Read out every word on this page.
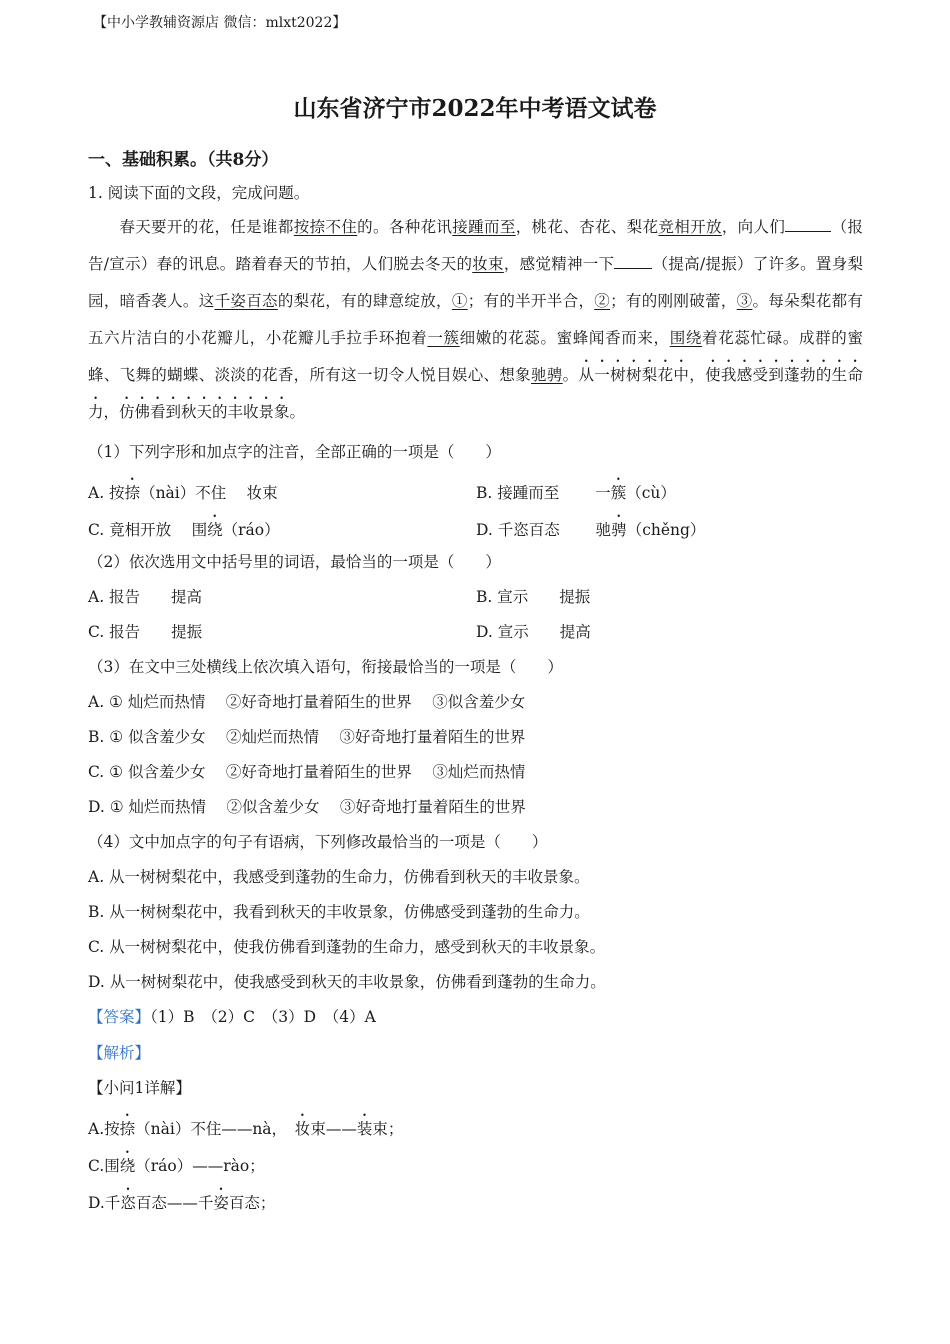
【中小学教辅资源店 微信：mlxt2022】
山东省济宁市2022年中考语文试卷
一、基础积累。（共8分）
1. 阅读下面的文段，完成问题。
春天要开的花，任是谁都按捺不住的。各种花讯接踵而至，桃花、杏花、梨花竞相开放，向人们	（报告/宣示）春的讯息。踏着春天的节拍，人们脱去冬天的妆束，感觉精神一下 （提高/提振）了许多。置身梨园，暗香袭人。这千姿百态的梨花，有的肆意绽放，①；有的半开半合，②；有的刚刚破蕾，③。每朵梨花都有五六片洁白的小花瓣儿，小花瓣儿手拉手环抱着一簇细嫩的花蕊。蜜蜂闻香而来，围绕着花蕊忙碌。成群的蜜蜂、飞舞的蝴蝶、淡淡的花香，所有这一切令人悦目娱心、想象驰骋。从一树树梨花中，使我感受到蓬勃的生命力，仿佛看到秋天的丰收景象。
（1）下列字形和加点字的注音，全部正确的一项是（　　）
A. 按捺（nài）不住　 妆束	B. 接踵而至　　 一簇（cù）
C. 竟相开放　 围绕（ráo）	D. 千恣百态　　 驰骋（chěng）
（2）依次选用文中括号里的词语，最恰当的一项是（　　）
A. 报告　　提高	B. 宣示　　提振
C. 报告　　提振	D. 宣示　　提高
（3）在文中三处横线上依次填入语句，衔接最恰当的一项是（　　）
A. ① 灿烂而热情　 ②好奇地打量着陌生的世界　 ③似含羞少女
B. ① 似含羞少女　 ②灿烂而热情　 ③好奇地打量着陌生的世界
C. ① 似含羞少女　 ②好奇地打量着陌生的世界　 ③灿烂而热情
D. ① 灿烂而热情　 ②似含羞少女　 ③好奇地打量着陌生的世界
（4）文中加点字的句子有语病，下列修改最恰当的一项是（　　）
A. 从一树树梨花中，我感受到蓬勃的生命力，仿佛看到秋天的丰收景象。
B. 从一树树梨花中，我看到秋天的丰收景象，仿佛感受到蓬勃的生命力。
C. 从一树树梨花中，使我仿佛看到蓬勃的生命力，感受到秋天的丰收景象。
D. 从一树树梨花中，使我感受到秋天的丰收景象，仿佛看到蓬勃的生命力。
【答案】（1）B　（2）C　（3）D　（4）A
【解析】
【小问1详解】
A.按捺（nài）不住——nà，　妆束——装束；
C.围绕（ráo）——rào；
D.千恣百态——千姿百态；
